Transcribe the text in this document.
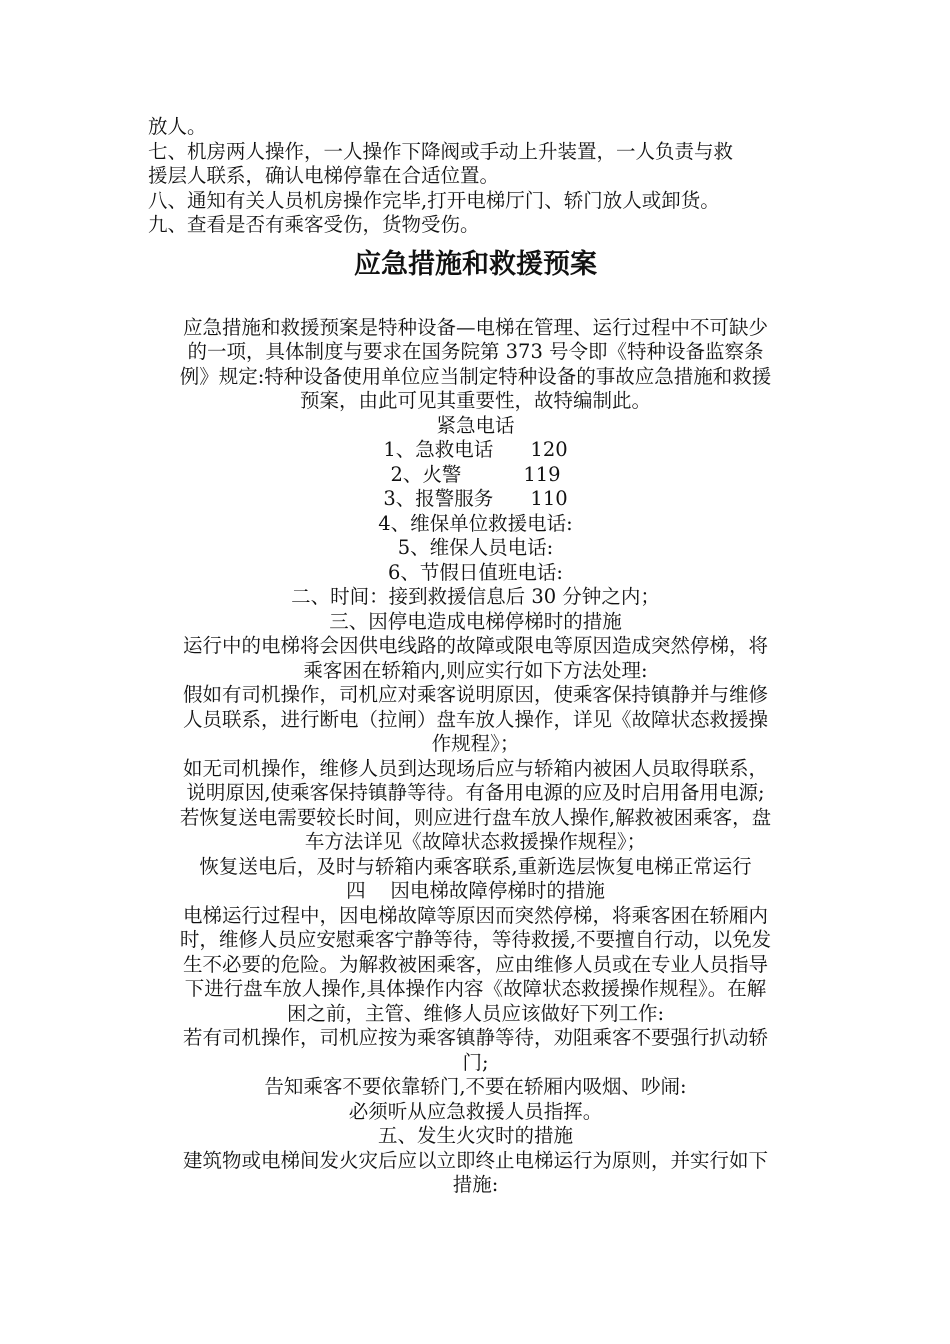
放人。
七、机房两人操作，一人操作下降阀或手动上升装置，一人负责与救
援层人联系，确认电梯停靠在合适位置。
八、通知有关人员机房操作完毕,打开电梯厅门、轿门放人或卸货。
九、查看是否有乘客受伤，货物受伤。
应急措施和救援预案
应急措施和救援预案是特种设备—电梯在管理、运行过程中不可缺少
的一项，具体制度与要求在国务院第 373 号令即《特种设备监察条
例》规定:特种设备使用单位应当制定特种设备的事故应急措施和救援
预案，由此可见其重要性，故特编制此。
紧急电话
1、急救电话      120
2、火警          119
3、报警服务      110
4、维保单位救援电话:
5、维保人员电话:
6、节假日值班电话:
二、时间：接到救援信息后 30 分钟之内；
三、因停电造成电梯停梯时的措施
运行中的电梯将会因供电线路的故障或限电等原因造成突然停梯，将
乘客困在轿箱内,则应实行如下方法处理:
假如有司机操作，司机应对乘客说明原因，使乘客保持镇静并与维修
人员联系，进行断电（拉闸）盘车放人操作，详见《故障状态救援操
作规程》；
如无司机操作，维修人员到达现场后应与轿箱内被困人员取得联系，
说明原因,使乘客保持镇静等待。有备用电源的应及时启用备用电源;
若恢复送电需要较长时间，则应进行盘车放人操作,解救被困乘客，盘
车方法详见《故障状态救援操作规程》；
恢复送电后，及时与轿箱内乘客联系,重新选层恢复电梯正常运行
四    因电梯故障停梯时的措施
电梯运行过程中，因电梯故障等原因而突然停梯，将乘客困在轿厢内
时，维修人员应安慰乘客宁静等待，等待救援,不要擅自行动，以免发
生不必要的危险。为解救被困乘客，应由维修人员或在专业人员指导
下进行盘车放人操作,具体操作内容《故障状态救援操作规程》。在解
困之前，主管、维修人员应该做好下列工作:
若有司机操作，司机应按为乘客镇静等待，劝阻乘客不要强行扒动轿
门;
告知乘客不要依靠轿门,不要在轿厢内吸烟、吵闹:
必须听从应急救援人员指挥。
五、发生火灾时的措施
建筑物或电梯间发火灾后应以立即终止电梯运行为原则，并实行如下
措施:
